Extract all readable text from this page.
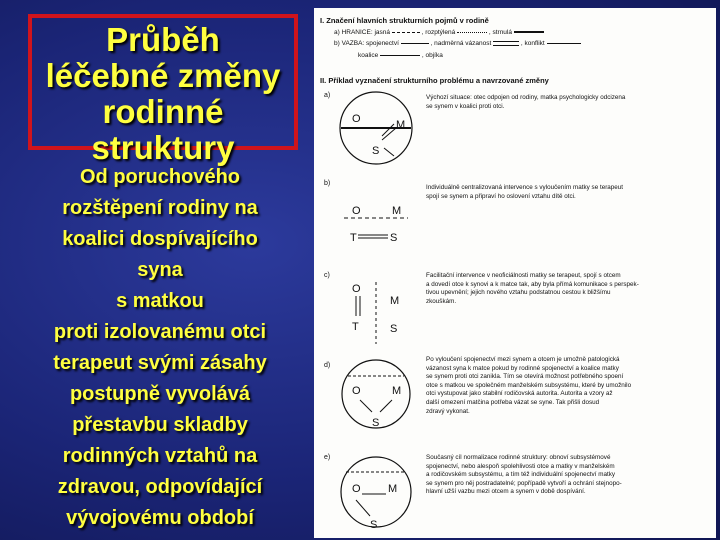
Průběh
léčebné změny
rodinné
struktury
Od poruchového
rozštěpení rodiny na
koalici dospívajícího
syna
s matkou
proti izolovanému otci
terapeut svými zásahy
postupně vyvolává
přestavbu skladby
rodinných vztahů na
zdravou, odpovídající
vývojovému období
I. Značení hlavních strukturních pojmů v rodině
a) HRANICE: jasná	, rozptýlená	, strnulá
b) VAZBA: spojenectví	, nadměrná vázanost	, konflikt
koalice	, objíka
II. Příklad vyznačení strukturního problému a navrzované změny
a)
O	M
S
Výchozí situace: otec odpojen od rodiny, matka psychologicky odcizena
se synem v koalici proti otci.
b)
O	M
T	S
Individuálně centralizovaná intervence s vyloučením matky se terapeut
spojí se synem a připraví ho oslovení vztahu dítě otci.
c)
O
M
T	S
Facilitační intervence v neoficiálnosti matky se terapeut, spojí s otcem
a dovedí otce k synovi a k matce tak, aby byla přímá komunikace s perspek-
tivou upevnění; jejich nového vztahu podstatnou cestou k bližšímu
zkouškám.
d)
O	M
S
Po vyloučení spojenectví mezi synem a otcem je umožně patologická
vázanost syna k matce pokud by rodinné spojenectví a koalice matky
se synem proti otci zanikla. Tím se otevírá možnost potřebného spoení
otce s matkou ve společném manželském subsystému, které by umožnilo
otci vystupovat jako stabilní rodičovská autorita. Autorita a vzory až
další omezení matčina potřeba vázat se syne. Tak přišli dosud
zdravý vykonat.
e)
O M
S
Současný cíl normalizace rodinné struktury: obnoví subsystémové
spojenectví, nebo alespoň spolehlivosti otce a matky v manželském
a rodičovském subsystému, a tím též individuální spojenectví matky
se synem pro něj postradatelné; popřípadě vytvoří a ochrání stejnopo-
hlavní užší vazbu mezi otcem a synem v době dospívání.
